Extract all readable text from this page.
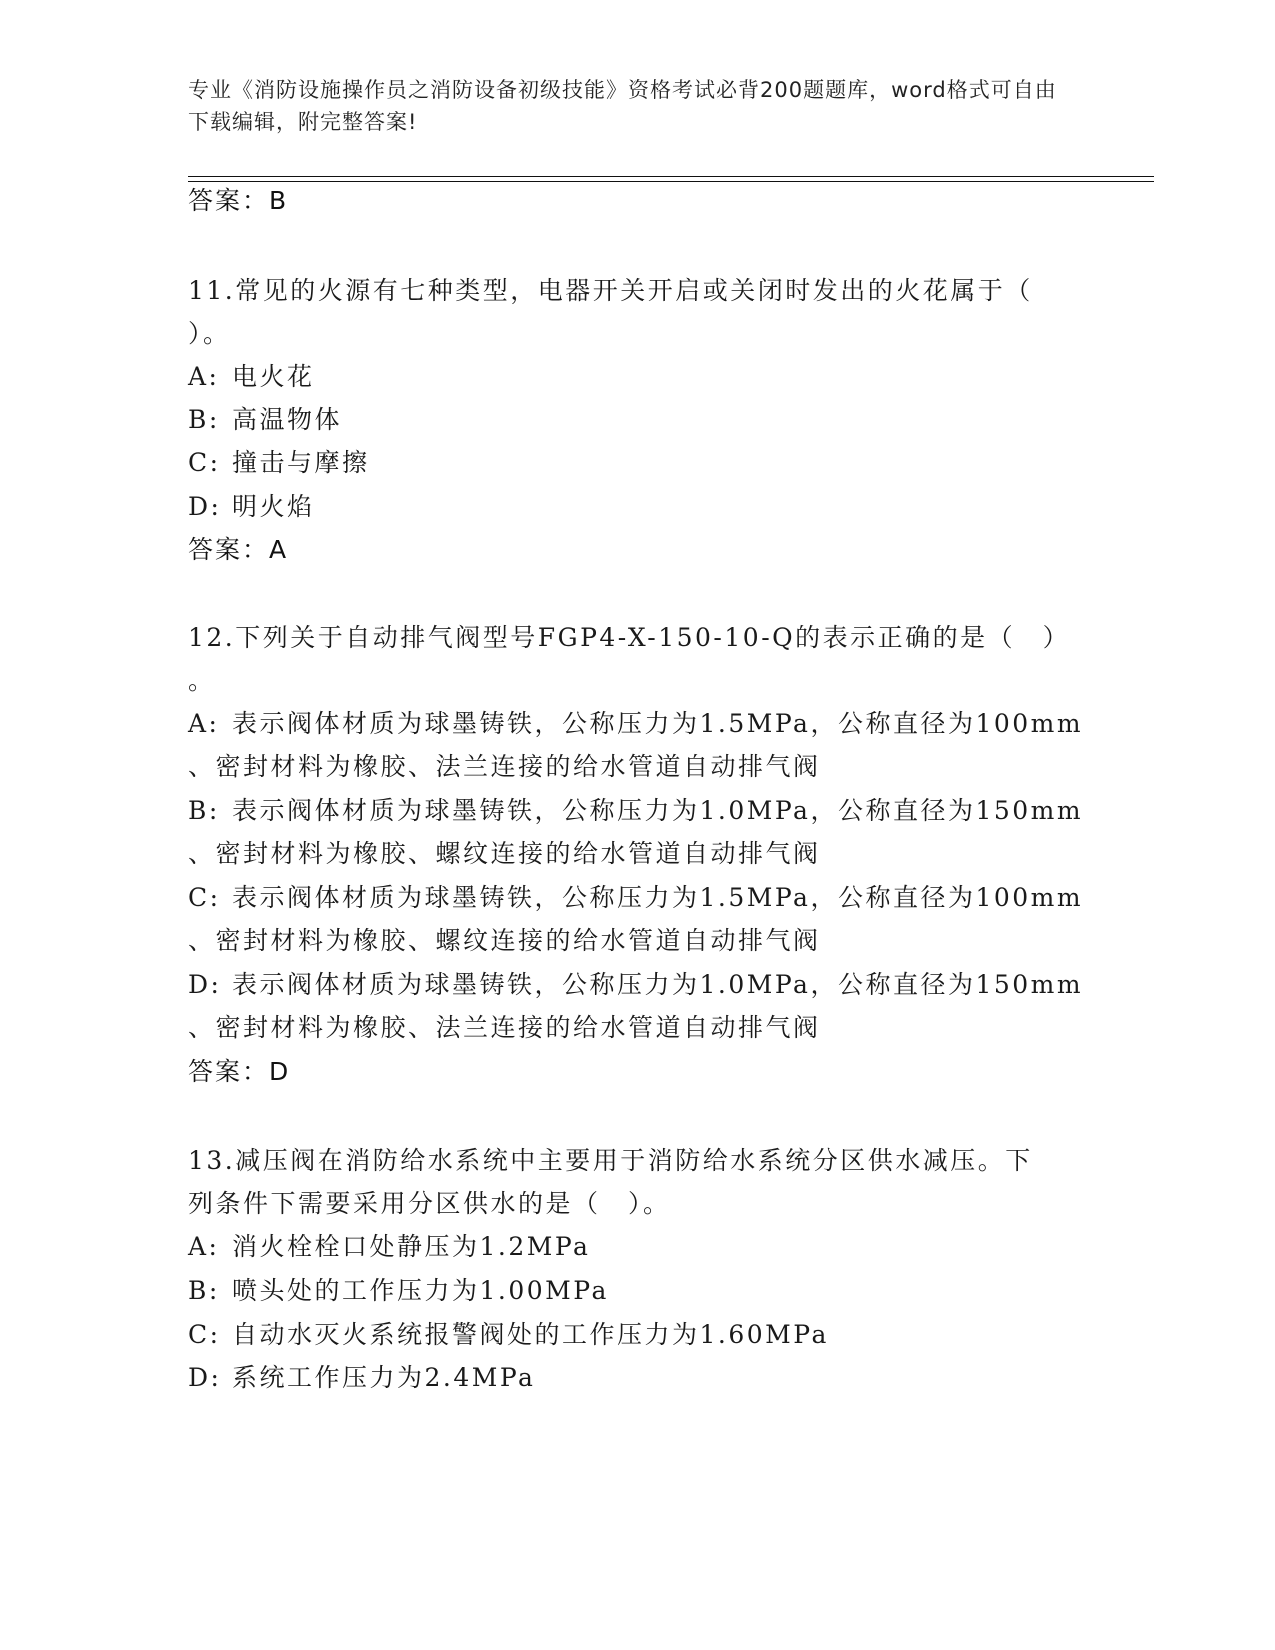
专业《消防设施操作员之消防设备初级技能》资格考试必背200题题库，word格式可自由下载编辑，附完整答案!
答案：B
11.常见的火源有七种类型，电器开关开启或关闭时发出的火花属于（
）。
A: 电火花
B: 高温物体
C: 撞击与摩擦
D: 明火焰
答案：A
12.下列关于自动排气阀型号FGP4-X-150-10-Q的表示正确的是（　）
。
A: 表示阀体材质为球墨铸铁，公称压力为1.5MPa，公称直径为100mm
、密封材料为橡胶、法兰连接的给水管道自动排气阀
B: 表示阀体材质为球墨铸铁，公称压力为1.0MPa，公称直径为150mm
、密封材料为橡胶、螺纹连接的给水管道自动排气阀
C: 表示阀体材质为球墨铸铁，公称压力为1.5MPa，公称直径为100mm
、密封材料为橡胶、螺纹连接的给水管道自动排气阀
D: 表示阀体材质为球墨铸铁，公称压力为1.0MPa，公称直径为150mm
、密封材料为橡胶、法兰连接的给水管道自动排气阀
答案：D
13.减压阀在消防给水系统中主要用于消防给水系统分区供水减压。下
列条件下需要采用分区供水的是（　）。
A: 消火栓栓口处静压为1.2MPa
B: 喷头处的工作压力为1.00MPa
C: 自动水灭火系统报警阀处的工作压力为1.60MPa
D: 系统工作压力为2.4MPa
